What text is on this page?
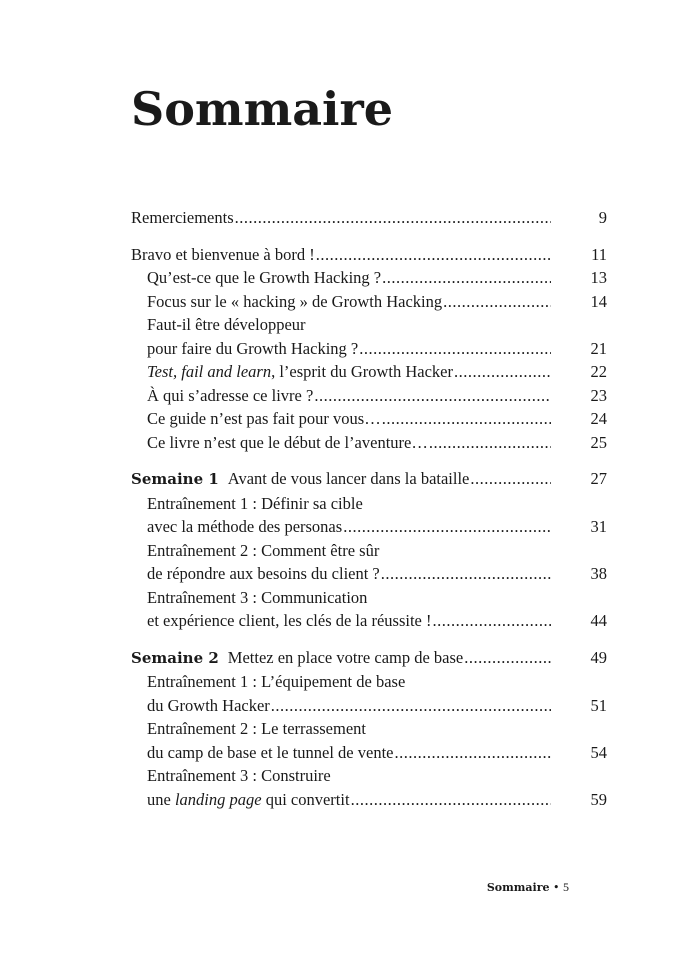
Sommaire
Remerciements .....	9
Bravo et bienvenue à bord ! .....	11
Qu’est-ce que le Growth Hacking ? .....	13
Focus sur le « hacking » de Growth Hacking .....	14
Faut-il être développeur
pour faire du Growth Hacking ? .....	21
Test, fail and learn, l’esprit du Growth Hacker .....	22
À qui s’adresse ce livre ? .....	23
Ce guide n’est pas fait pour vous… .....	24
Ce livre n’est que le début de l’aventure… .....	25
Semaine 1 Avant de vous lancer dans la bataille .....	27
Entraînement 1 : Définir sa cible
avec la méthode des personas .....	31
Entraînement 2 : Comment être sûr
de répondre aux besoins du client ? .....	38
Entraînement 3 : Communication
et expérience client, les clés de la réussite ! .....	44
Semaine 2 Mettez en place votre camp de base .....	49
Entraînement 1 : L’équipement de base
du Growth Hacker .....	51
Entraînement 2 : Le terrassement
du camp de base et le tunnel de vente .....	54
Entraînement 3 : Construire
une landing page qui convertit .....	59
Sommaire • 5
